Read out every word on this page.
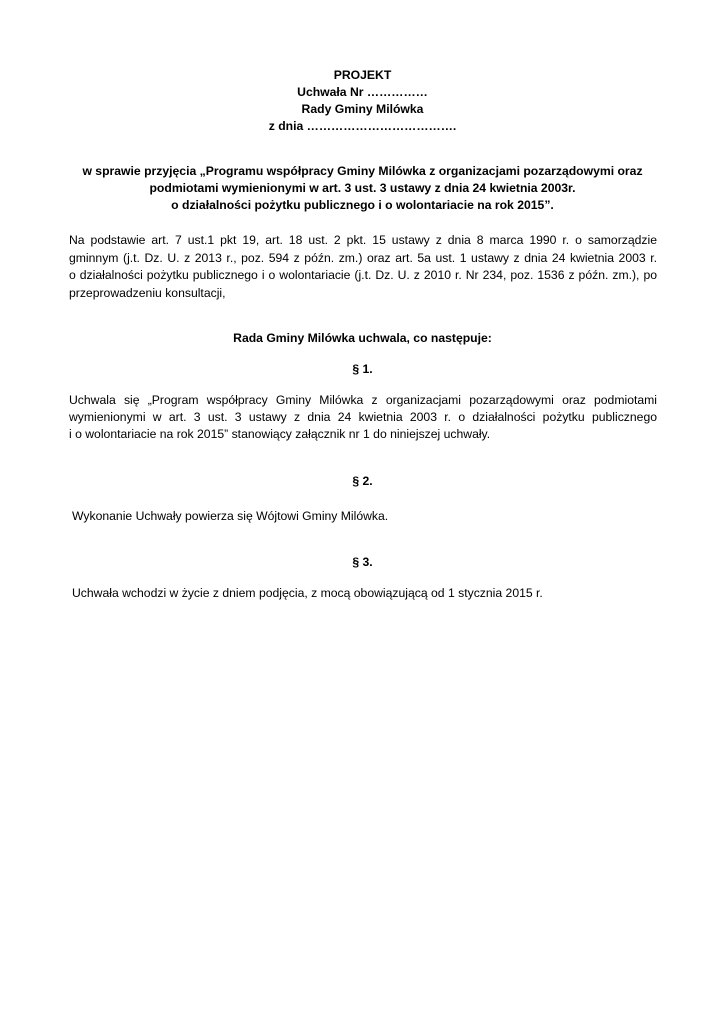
PROJEKT
Uchwała Nr ……………
Rady Gminy Milówka
z dnia ……………………………….
w sprawie przyjęcia „Programu współpracy Gminy Milówka z organizacjami pozarządowymi oraz
podmiotami wymienionymi w art. 3 ust. 3 ustawy z dnia 24 kwietnia 2003r.
o działalności pożytku publicznego i o wolontariacie na rok 2015”.
Na podstawie art. 7 ust.1 pkt 19, art. 18 ust. 2 pkt. 15 ustawy z dnia 8 marca 1990 r. o samorządzie
gminnym (j.t. Dz. U. z 2013 r., poz. 594 z późn. zm.) oraz art. 5a ust. 1 ustawy z dnia 24 kwietnia 2003 r.
o działalności pożytku publicznego i o wolontariacie (j.t. Dz. U. z 2010 r. Nr 234, poz. 1536 z późn. zm.), po
przeprowadzeniu konsultacji,
Rada Gminy Milówka uchwala, co następuje:
§ 1.
Uchwala się „Program współpracy Gminy Milówka z organizacjami pozarządowymi oraz podmiotami
wymienionymi w art. 3 ust. 3 ustawy z dnia 24 kwietnia 2003 r. o działalności pożytku publicznego
i o wolontariacie na rok 2015” stanowiący załącznik nr 1 do niniejszej uchwały.
§ 2.
Wykonanie Uchwały powierza się Wójtowi Gminy Milówka.
§ 3.
Uchwała wchodzi w życie z dniem podjęcia, z mocą obowiązującą od 1 stycznia 2015 r.
